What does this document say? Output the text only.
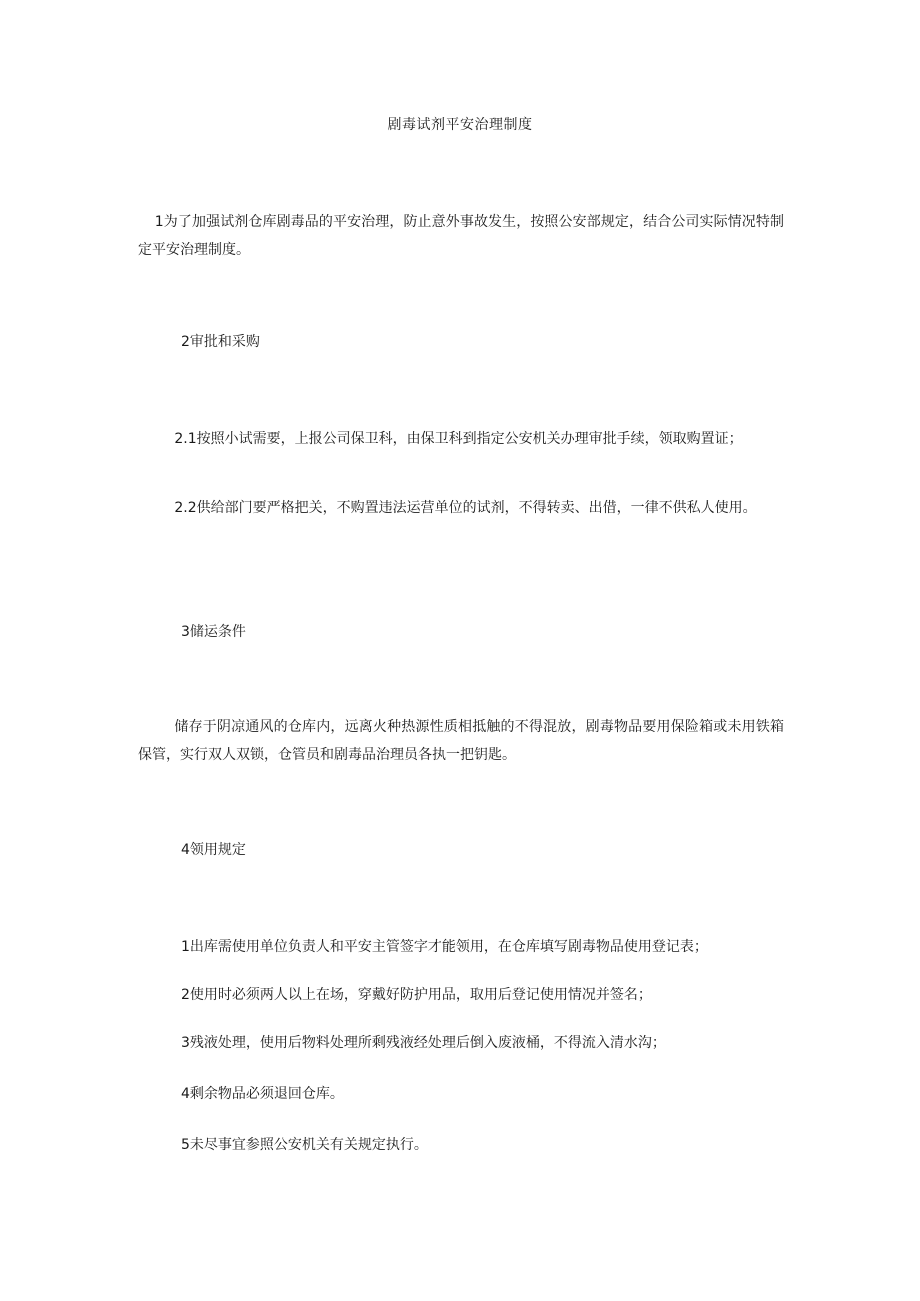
剧毒试剂平安治理制度

1为了加强试剂仓库剧毒品的平安治理，防止意外事故发生，按照公安部规定，结合公司实际情况特制定平安治理制度。

2审批和采购

2.1按照小试需要，上报公司保卫科，由保卫科到指定公安机关办理审批手续，领取购置证；

2.2供给部门要严格把关，不购置违法运营单位的试剂，不得转卖、出借，一律不供私人使用。

3储运条件

储存于阴凉通风的仓库内，远离火种热源性质相抵触的不得混放，剧毒物品要用保险箱或未用铁箱保管，实行双人双锁，仓管员和剧毒品治理员各执一把钥匙。

4领用规定

1出库需使用单位负责人和平安主管签字才能领用，在仓库填写剧毒物品使用登记表；

2使用时必须两人以上在场，穿戴好防护用品，取用后登记使用情况并签名；

3残液处理，使用后物料处理所剩残液经处理后倒入废液桶，不得流入清水沟；

4剩余物品必须退回仓库。

5未尽事宜参照公安机关有关规定执行。
